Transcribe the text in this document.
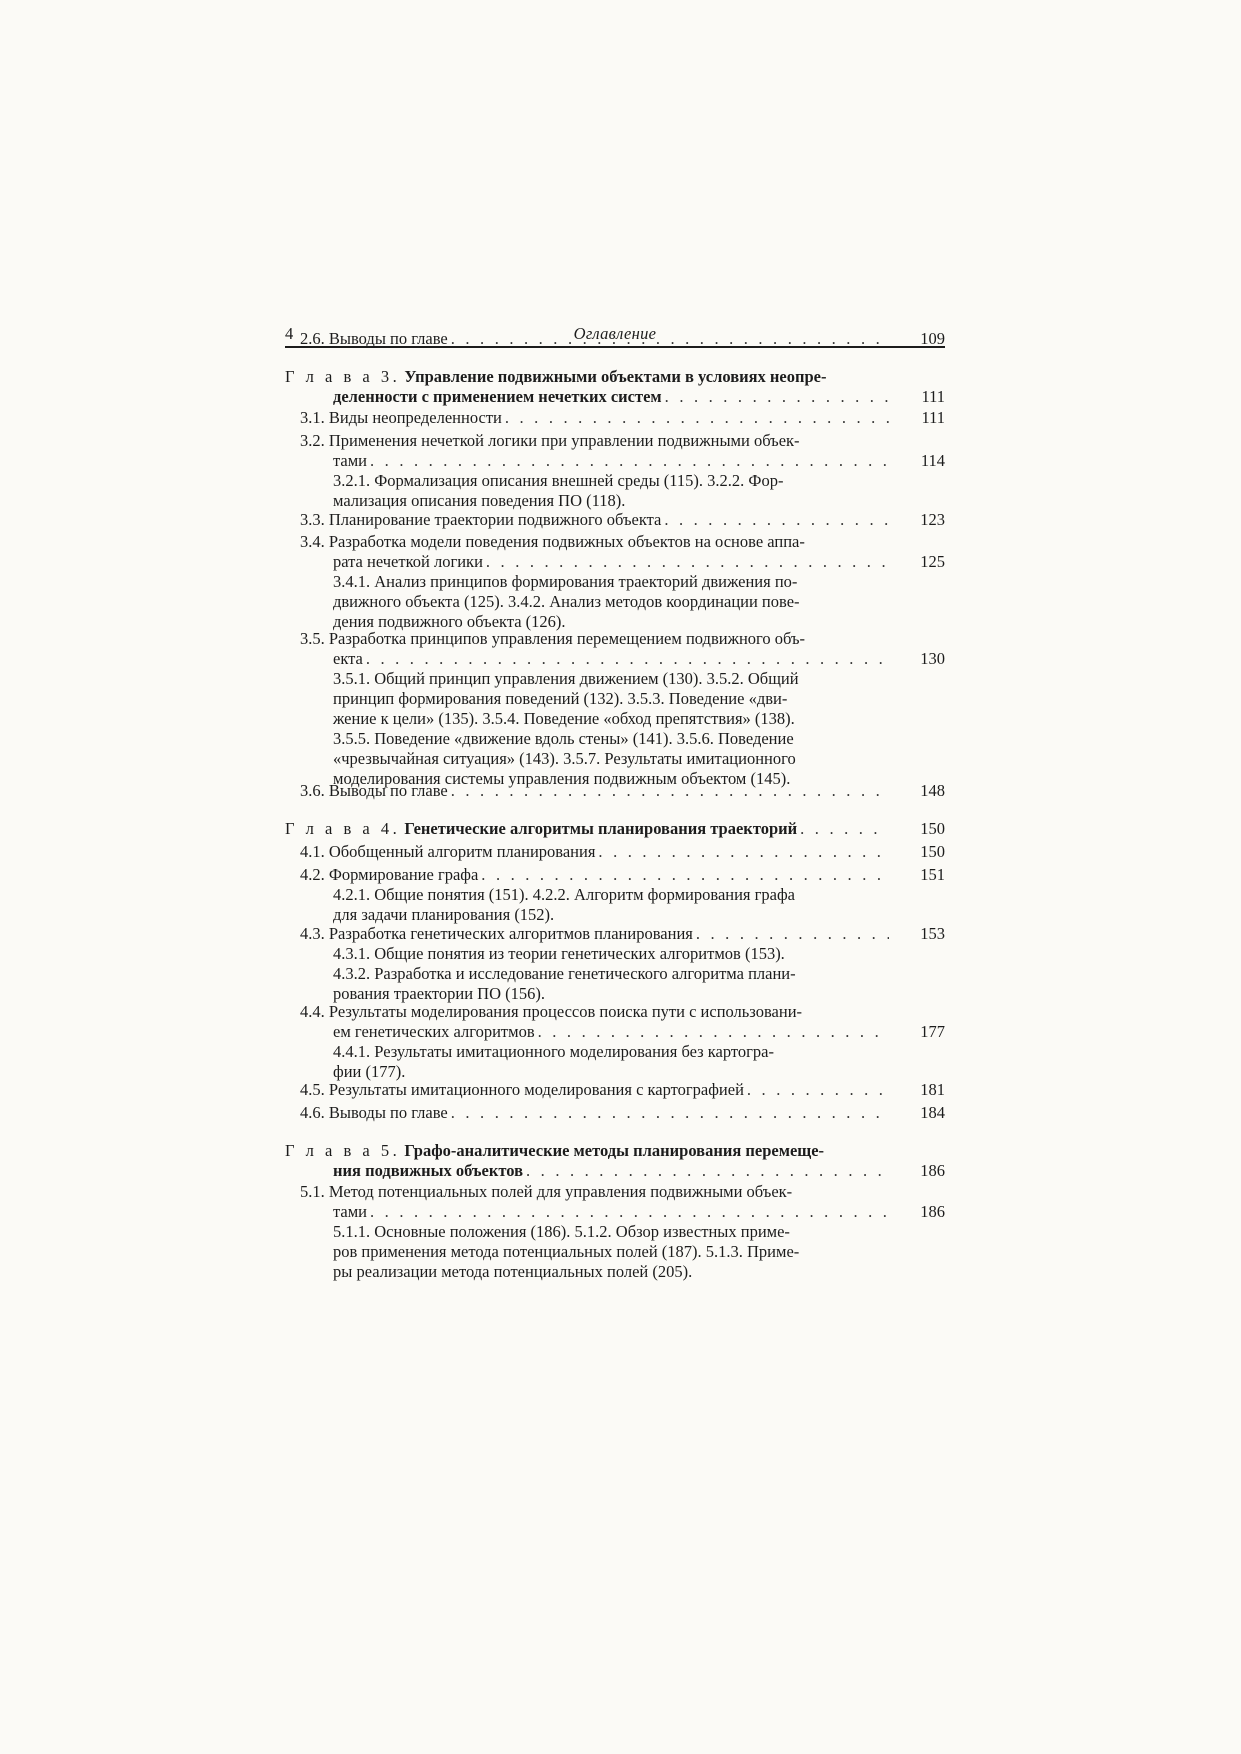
4	Оглавление
2.6. Выводы по главе . . .	109
Г л а в а 3. Управление подвижными объектами в условиях неопре-
деленности с применением нечетких систем . . .	111
3.1. Виды неопределенности . . .	111
3.2. Применения нечеткой логики при управлении подвижными объек-
тами . . .	114
3.2.1. Формализация описания внешней среды (115). 3.2.2. Фор-
мализация описания поведения ПО (118).
3.3. Планирование траектории подвижного объекта . . .	123
3.4. Разработка модели поведения подвижных объектов на основе аппа-
рата нечеткой логики . . .	125
3.4.1. Анализ принципов формирования траекторий движения по-
движного объекта (125). 3.4.2. Анализ методов координации пове-
дения подвижного объекта (126).
3.5. Разработка принципов управления перемещением подвижного объ-
екта . . .	130
3.5.1. Общий принцип управления движением (130). 3.5.2. Общий
принцип формирования поведений (132). 3.5.3. Поведение «дви-
жение к цели» (135). 3.5.4. Поведение «обход препятствия» (138).
3.5.5. Поведение «движение вдоль стены» (141). 3.5.6. Поведение
«чрезвычайная ситуация» (143). 3.5.7. Результаты имитационного
моделирования системы управления подвижным объектом (145).
3.6. Выводы по главе . . .	148
Г л а в а 4. Генетические алгоритмы планирования траекторий . . .	150
4.1. Обобщенный алгоритм планирования . . .	150
4.2. Формирование графа . . .	151
4.2.1. Общие понятия (151). 4.2.2. Алгоритм формирования графа
для задачи планирования (152).
4.3. Разработка генетических алгоритмов планирования . . .	153
4.3.1. Общие понятия из теории генетических алгоритмов (153).
4.3.2. Разработка и исследование генетического алгоритма плани-
рования траектории ПО (156).
4.4. Результаты моделирования процессов поиска пути с использовани-
ем генетических алгоритмов . . .	177
4.4.1. Результаты имитационного моделирования без картогра-
фии (177).
4.5. Результаты имитационного моделирования с картографией . . .	181
4.6. Выводы по главе . . .	184
Г л а в а 5. Графо-аналитические методы планирования перемеще-
ния подвижных объектов . . .	186
5.1. Метод потенциальных полей для управления подвижными объек-
тами . . .	186
5.1.1. Основные положения (186). 5.1.2. Обзор известных приме-
ров применения метода потенциальных полей (187). 5.1.3. Приме-
ры реализации метода потенциальных полей (205).
